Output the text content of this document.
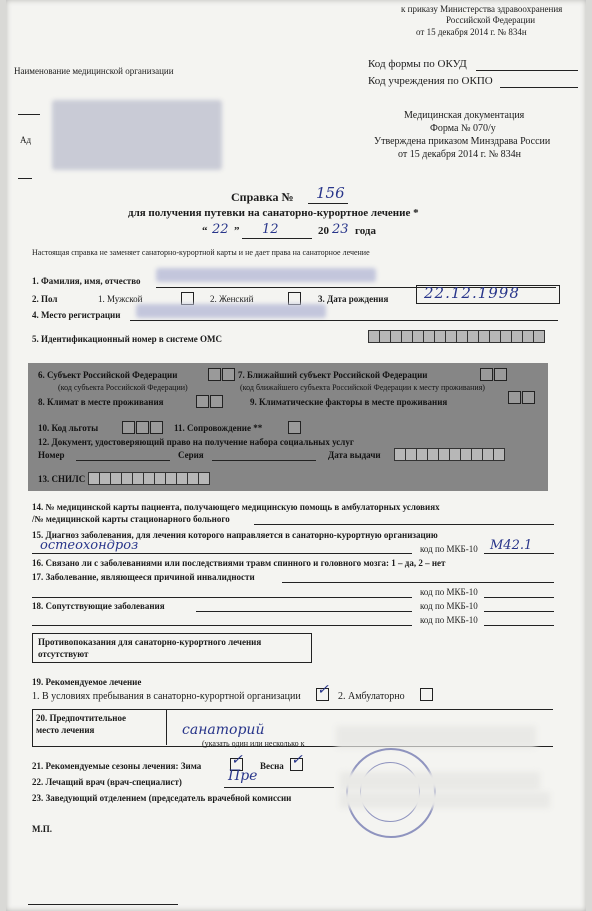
к приказу Министерства здравоохранения
Российской Федерации
от 15 декабря 2014 г. № 834н
Наименование медицинской организации
Код формы по ОКУД
Код учреждения по ОКПО
Ад
Медицинская документация
Форма № 070/у
Утверждена приказом Минздрава России
от 15 декабря 2014 г. № 834н
Справка № 156
для получения путевки на санаторно-курортное лечение *
“ 22 ” 12	20 23 года
Настоящая справка не заменяет санаторно-курортной карты и не дает права на санаторное лечение
1. Фамилия, имя, отчество
2. Пол	1. Мужской	2. Женский	3. Дата рождения 22.12.1998
4. Место регистрации
5. Идентификационный номер в системе ОМС
6. Субъект Российской Федерации
(код субъекта Российской Федерации)
7. Ближайший субъект Российской Федерации
(код ближайшего субъекта Российской Федерации к месту проживания)
8. Климат в месте проживания	9. Климатические факторы в месте проживания
10. Код льготы	11. Сопровождение **
12. Документ, удостоверяющий право на получение набора социальных услуг
Номер	Серия	Дата выдачи
13. СНИЛС
14. № медицинской карты пациента, получающего медицинскую помощь в амбулаторных условиях
/№ медицинской карты стационарного больного
15. Диагноз заболевания, для лечения которого направляется в санаторно-курортную организацию
остеохондроз	код по МКБ-10 М42.1
16. Связано ли с заболеваниями или последствиями травм спинного и головного мозга: 1 – да, 2 – нет
17. Заболевание, являющееся причиной инвалидности
код по МКБ-10
18. Сопутствующие заболевания	код по МКБ-10
код по МКБ-10
Противопоказания для санаторно-курортного лечения
отсутствуют
19. Рекомендуемое лечение
1. В условиях пребывания в санаторно-курортной организации ✓ 2. Амбулаторно
20. Предпочтительное
место лечения	санаторий
(указать один или несколько к
21. Рекомендуемые сезоны лечения: Зима ✓ Весна ✓
22. Лечащий врач (врач-специалист)	Пре
23. Заведующий отделением (председатель врачебной комиссии
М.П.
